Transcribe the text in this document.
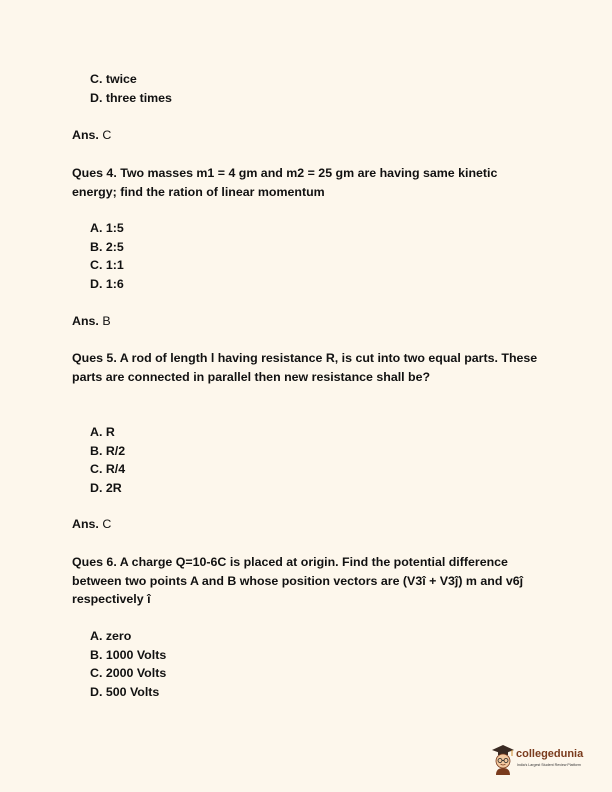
C. twice
D. three times
Ans. C

Ques 4. Two masses m1 = 4 gm and m2 = 25 gm are having same kinetic energy; find the ration of linear momentum

A. 1:5
B. 2:5
C. 1:1
D. 1:6
Ans. B

Ques 5. A rod of length l having resistance R, is cut into two equal parts. These parts are connected in parallel then new resistance shall be?

A. R
B. R/2
C. R/4
D. 2R
Ans. C

Ques 6. A charge Q=10-6C is placed at origin. Find the potential difference between two points A and B whose position vectors are (V3î + V3ĵ) m and v6ĵ respectively î

A. zero
B. 1000 Volts
C. 2000 Volts
D. 500 Volts
collegedunia
India's Largest Student Review Platform
